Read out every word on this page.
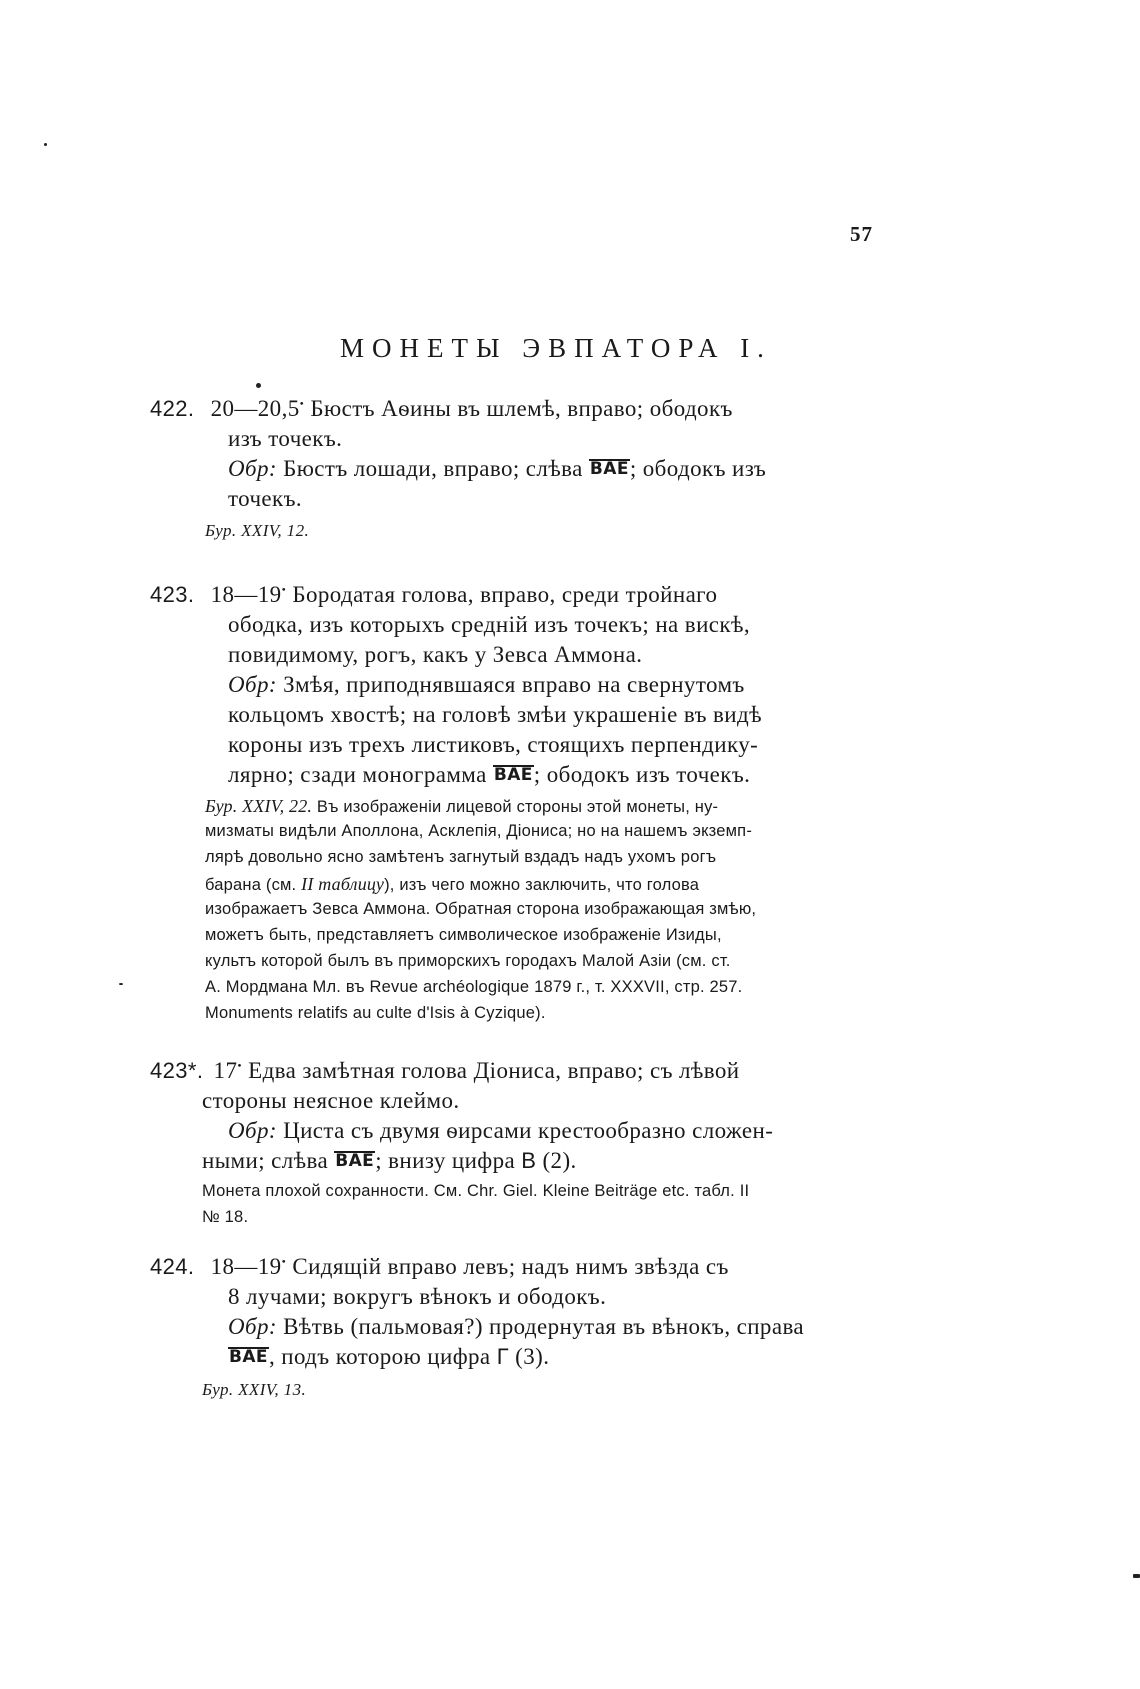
57
МОНЕТЫ ЭВПАТОРА I.
422. 20—20,5• Бюстъ Аѳины въ шлемѣ, вправо; ободокъ
изъ точекъ.
Обр: Бюстъ лошади, вправо; слѣва ВΑΕ; ободокъ изъ
точекъ.
Бур. XXIV, 12.
423. 18—19• Бородатая голова, вправо, среди тройнаго
ободка, изъ которыхъ средній изъ точекъ; на вискѣ,
повидимому, рогъ, какъ у Зевса Аммона.
Обр: Змѣя, приподнявшаяся вправо на свернутомъ
кольцомъ хвостѣ; на головѣ змѣи украшеніе въ видѣ
короны изъ трехъ листиковъ, стоящихъ перпендику-
лярно; сзади монограмма ВΑΕ; ободокъ изъ точекъ.
Бур. XXIV, 22. Въ изображеніи лицевой стороны этой монеты, ну-
мизматы видѣли Аполлона, Асклепія, Діониса; но на нашемъ экземп-
лярѣ довольно ясно замѣтенъ загнутый вздадъ надъ ухомъ рогъ
барана (см. II таблицу), изъ чего можно заключить, что голова
изображаетъ Зевса Аммона. Обратная сторона изображающая змѣю,
можетъ быть, представляетъ символическое изображеніе Изиды,
культъ которой былъ въ приморскихъ городахъ Малой Азіи (см. ст.
А. Мордмана Мл. въ Revue archéologique 1879 г., т. XXXVII, стр. 257.
Monuments relatifs au culte d'Isis à Cyzique).
423*. 17• Едва замѣтная голова Діониса, вправо; съ лѣвой
стороны неясное клеймо.
Обр: Циста съ двумя ѳирсами крестообразно сложен-
ными; слѣва ВΑΕ; внизу цифра В (2).
Монета плохой сохранности. См. Chr. Giel. Kleine Beiträge etc. табл. II
№ 18.
424. 18—19• Сидящій вправо левъ; надъ нимъ звѣзда съ
8 лучами; вокругъ вѣнокъ и ободокъ.
Обр: Вѣтвь (пальмовая?) продернутая въ вѣнокъ, справа
ВΑΕ, подъ которою цифра Г (3).
Бур. XXIV, 13.
